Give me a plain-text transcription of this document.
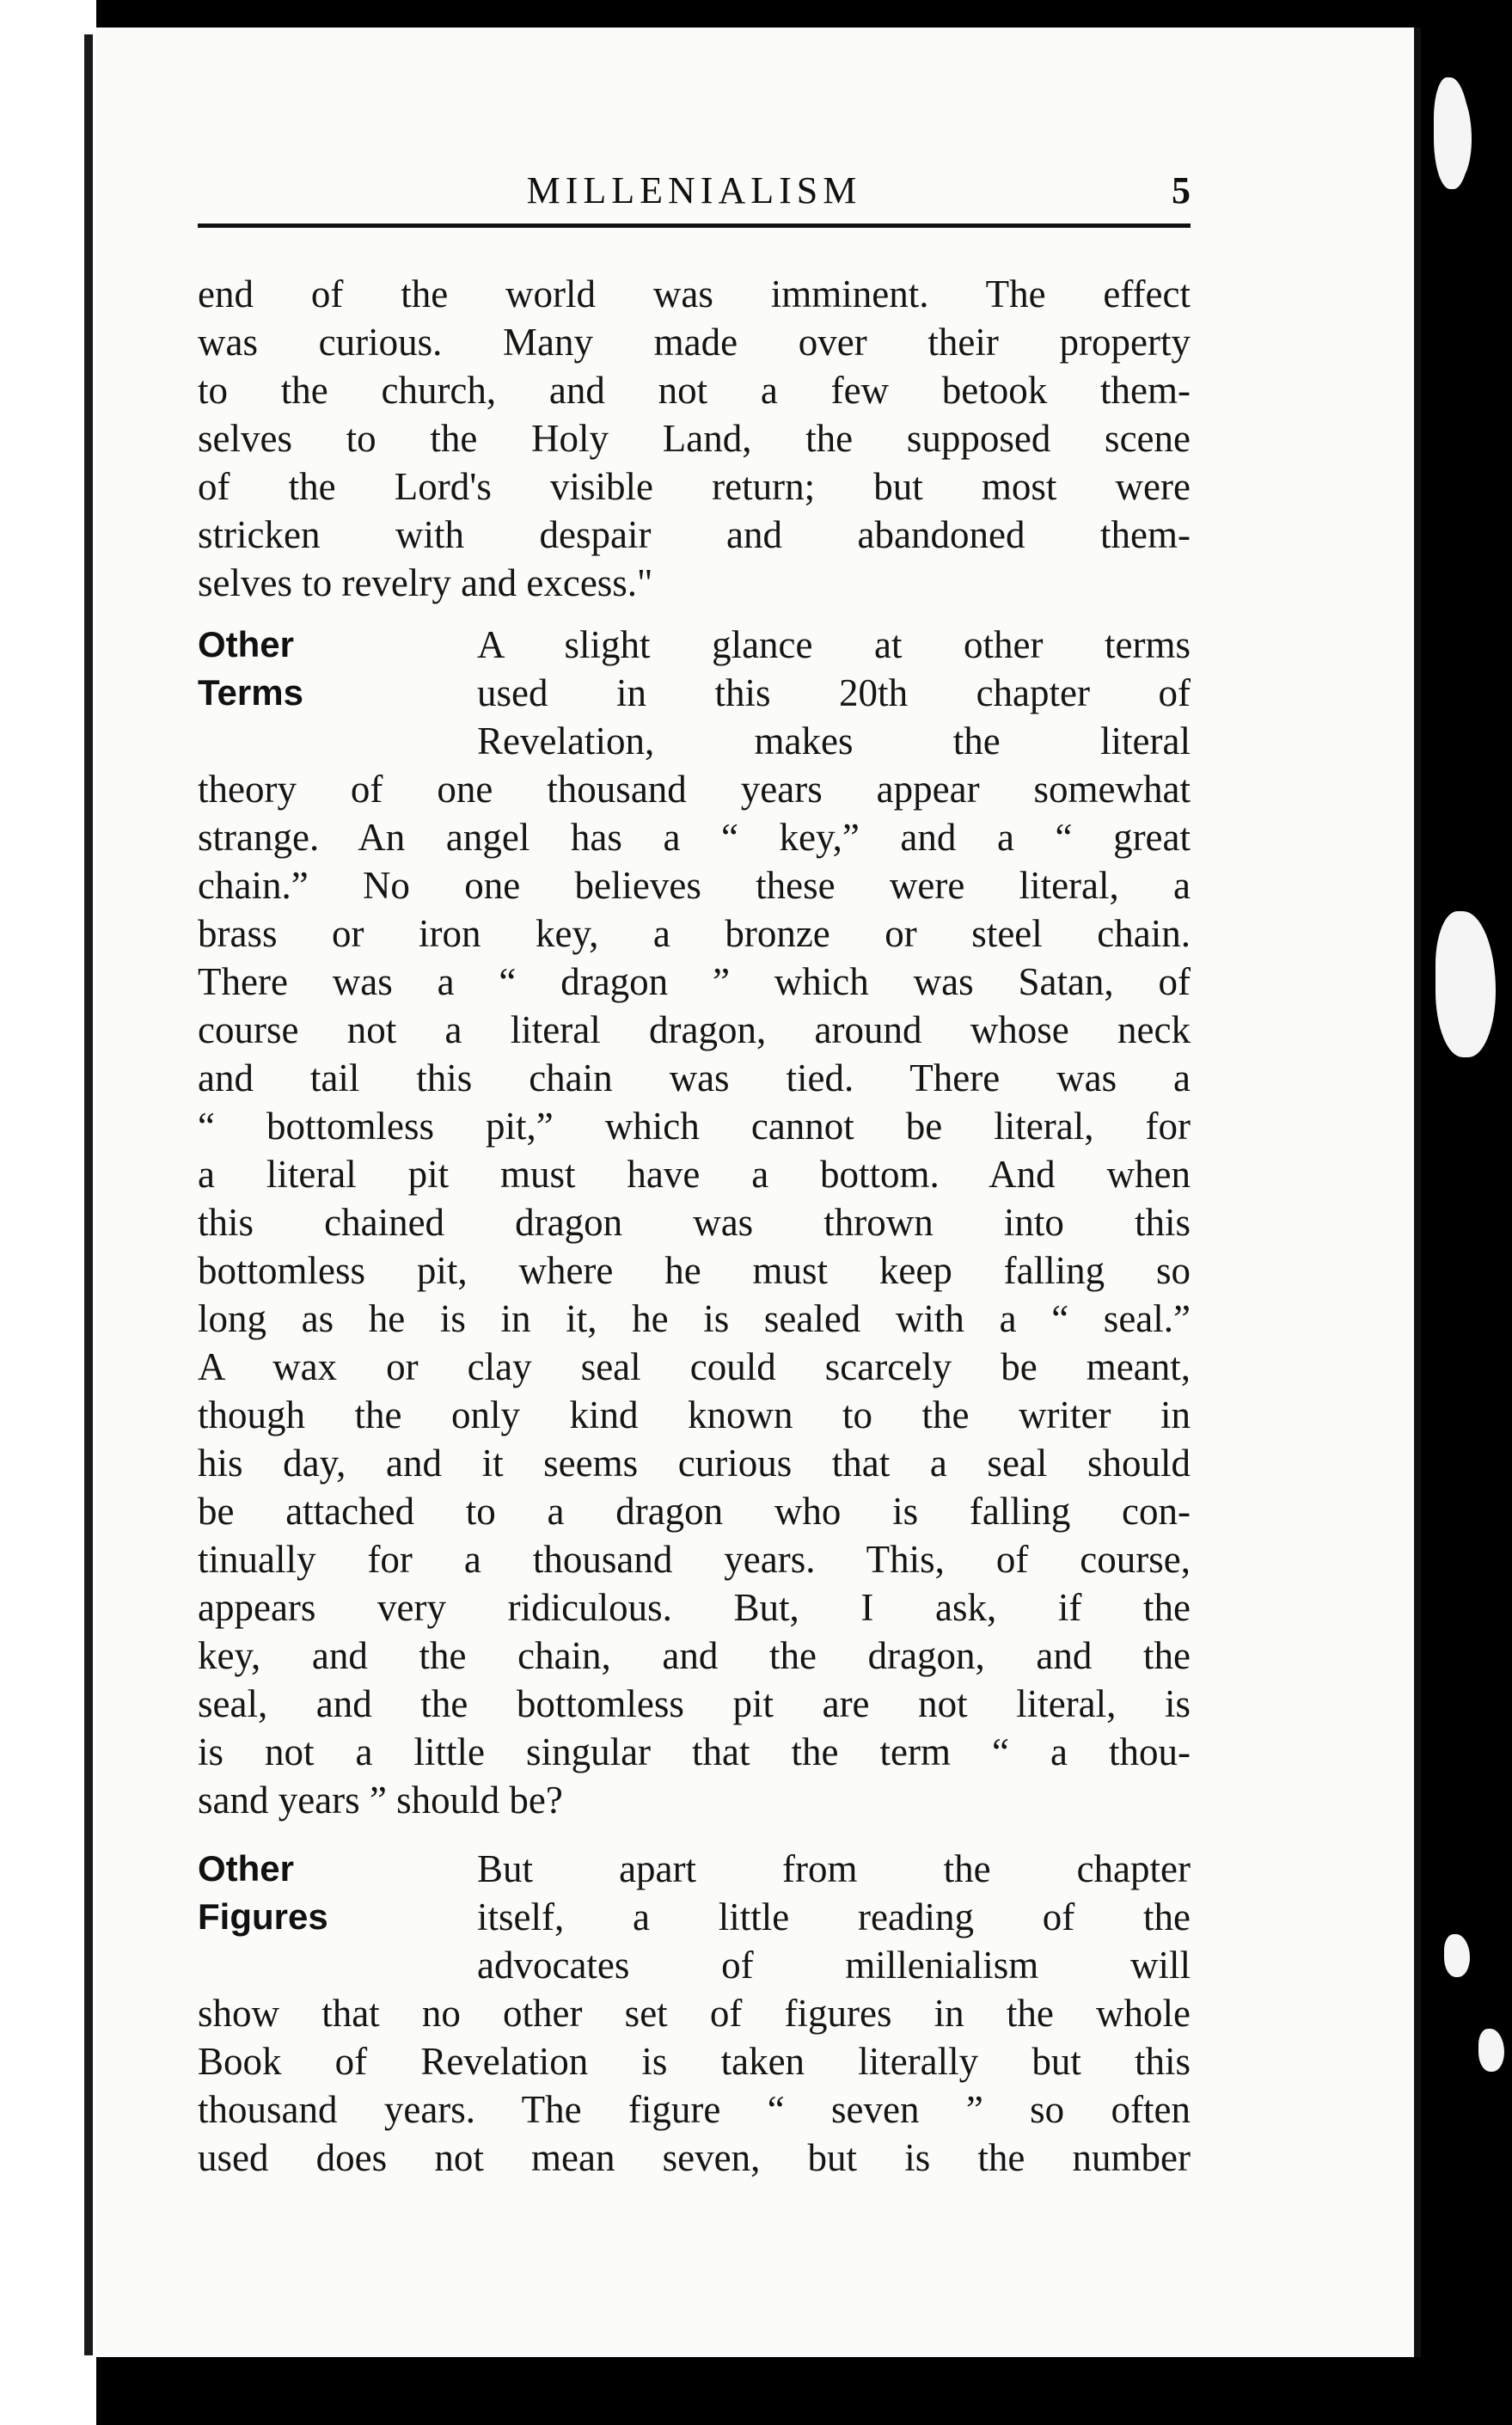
MILLENIALISM	5
end of the world was imminent. The effect
was curious. Many made over their property
to the church, and not a few betook them-
selves to the Holy Land, the supposed scene
of the Lord's visible return; but most were
stricken with despair and abandoned them-
selves to revelry and excess."
Other
Terms
A slight glance at other terms
used in this 20th chapter of
Revelation, makes the literal
theory of one thousand years appear somewhat
strange. An angel has a “ key,” and a “ great
chain.” No one believes these were literal, a
brass or iron key, a bronze or steel chain.
There was a “ dragon ” which was Satan, of
course not a literal dragon, around whose neck
and tail this chain was tied. There was a
“ bottomless pit,” which cannot be literal, for
a literal pit must have a bottom. And when
this chained dragon was thrown into this
bottomless pit, where he must keep falling so
long as he is in it, he is sealed with a “ seal.”
A wax or clay seal could scarcely be meant,
though the only kind known to the writer in
his day, and it seems curious that a seal should
be attached to a dragon who is falling con-
tinually for a thousand years. This, of course,
appears very ridiculous. But, I ask, if the
key, and the chain, and the dragon, and the
seal, and the bottomless pit are not literal, is
is not a little singular that the term “ a thou-
sand years ” should be?
Other
Figures
But apart from the chapter
itself, a little reading of the
advocates of millenialism will
show that no other set of figures in the whole
Book of Revelation is taken literally but this
thousand years. The figure “ seven ” so often
used does not mean seven, but is the number
